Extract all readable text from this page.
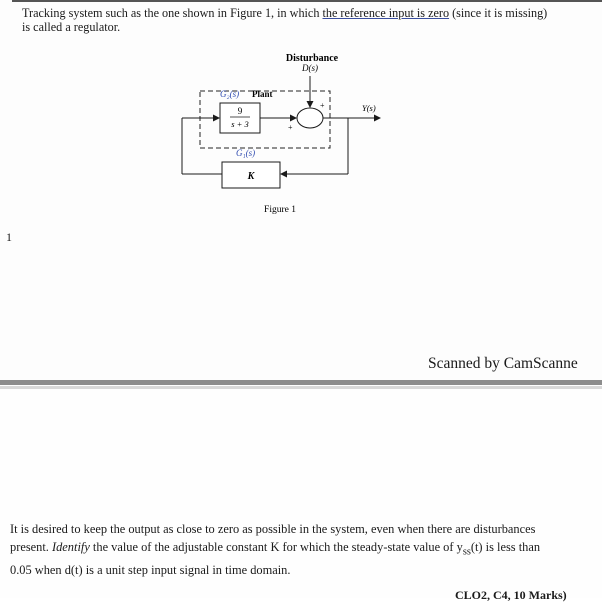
Tracking system such as the one shown in Figure 1, in which the reference input is zero (since it is missing)
is called a regulator.
Disturbance
D(s)
G₂(s) Plant
G₁(s)
9
s + 3
+
+
Y(s)
K
Figure 1
1
Scanned by CamScanne
It is desired to keep the output as close to zero as possible in the system, even when there are disturbances
present. Identify the value of the adjustable constant K for which the steady-state value of $y_{ss}(t)$ is less than
0.05 when d(t) is a unit step input signal in time domain.
CLO2, C4, 10 Marks)
